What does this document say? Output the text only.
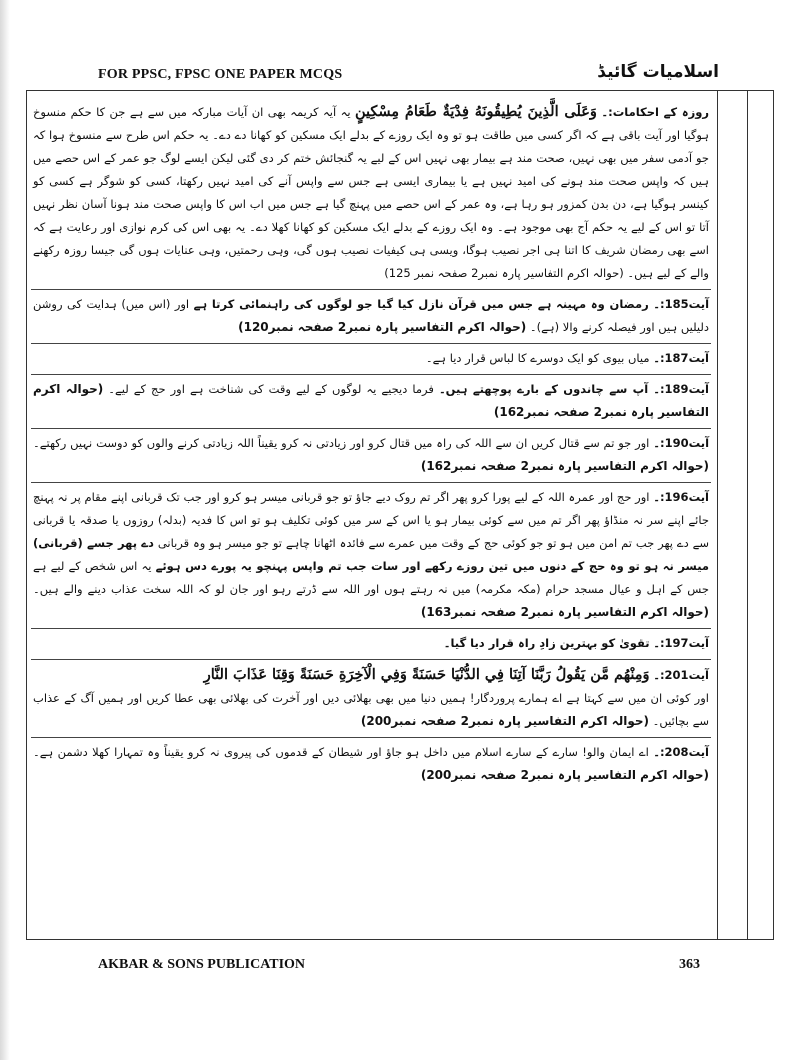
FOR PPSC, FPSC ONE PAPER MCQS	اسلامیات گائیڈ

روزہ کے احکامات:۔ وَعَلَى الَّذِينَ يُطِيقُونَهُ فِدْيَةٌ طَعَامُ مِسْكِينٍ یہ آیہ کریمہ بھی ان آیات مبارکہ میں سے ہے جن کا حکم منسوخ ہوگیا اور آیت باقی ہے کہ اگر کسی میں طاقت ہو تو وہ ایک روزے کے بدلے ایک مسکین کو کھانا دے دے۔ یہ حکم اس طرح سے منسوخ ہوا کہ جو آدمی سفر میں بھی نہیں، صحت مند ہے بیمار بھی نہیں اس کے لیے یہ گنجائش ختم کر دی گئی لیکن ایسے لوگ جو عمر کے اس حصے میں ہیں کہ واپس صحت مند ہونے کی امید نہیں ہے یا بیماری ایسی ہے جس سے واپس آنے کی امید نہیں رکھتا، کسی کو شوگر ہے کسی کو کینسر ہوگیا ہے، دن بدن کمزور ہو رہا ہے، وہ عمر کے اس حصے میں پہنچ گیا ہے جس میں اب اس کا واپس صحت مند ہونا آسان نظر نہیں آتا تو اس کے لیے یہ حکم آج بھی موجود ہے۔ وہ ایک روزے کے بدلے ایک مسکین کو کھانا کھلا دے۔ یہ بھی اس کی کرم نوازی اور رعایت ہے کہ اسے بھی رمضان شریف کا اتنا ہی اجر نصیب ہوگا، ویسی ہی کیفیات نصیب ہوں گی، وہی رحمتیں، وہی عنایات ہوں گی جیسا روزہ رکھنے والے کے لیے ہیں۔ (حوالہ اکرم التفاسیر پارہ نمبر2 صفحہ نمبر 125)

آیت185:۔ رمضان وہ مہینہ ہے جس میں قرآن نازل کیا گیا جو لوگوں کی راہنمائی کرتا ہے اور (اس میں) ہدایت کی روشن دلیلیں ہیں اور فیصلہ کرنے والا (ہے)۔ (حوالہ اکرم التفاسیر پارہ نمبر2 صفحہ نمبر120)

آیت187:۔ میاں بیوی کو ایک دوسرے کا لباس قرار دیا ہے۔

آیت189:۔ آپ سے چاندوں کے بارے پوچھتے ہیں۔ فرما دیجیے یہ لوگوں کے لیے وقت کی شناخت ہے اور حج کے لیے۔ (حوالہ اکرم التفاسیر پارہ نمبر2 صفحہ نمبر162)

آیت190:۔ اور جو تم سے قتال کریں ان سے اللہ کی راہ میں قتال کرو اور زیادتی نہ کرو یقیناً اللہ زیادتی کرنے والوں کو دوست نہیں رکھتے۔ (حوالہ اکرم التفاسیر پارہ نمبر2 صفحہ نمبر162)

آیت196:۔ اور حج اور عمرہ اللہ کے لیے پورا کرو پھر اگر تم روک دیے جاؤ تو جو قربانی میسر ہو کرو اور جب تک قربانی اپنے مقام پر نہ پہنچ جائے اپنے سر نہ منڈاؤ پھر اگر تم میں سے کوئی بیمار ہو یا اس کے سر میں کوئی تکلیف ہو تو اس کا فدیہ (بدلہ) روزوں یا صدقہ یا قربانی سے دے پھر جب تم امن میں ہو تو جو کوئی حج کے وقت میں عمرے سے فائدہ اٹھانا چاہے تو جو میسر ہو وہ قربانی دے پھر جسے (قربانی) میسر نہ ہو تو وہ حج کے دنوں میں تین روزے رکھے اور سات جب تم واپس پہنچو یہ پورے دس ہوئے یہ اس شخص کے لیے ہے جس کے اہل و عیال مسجد حرام (مکہ مکرمہ) میں نہ رہتے ہوں اور اللہ سے ڈرتے رہو اور جان لو کہ اللہ سخت عذاب دینے والے ہیں۔ (حوالہ اکرم التفاسیر پارہ نمبر2 صفحہ نمبر163)

آیت197:۔ تقویٰ کو بہترین زادِ راہ قرار دیا گیا۔

آیت201:۔ وَمِنْهُم مَّن يَقُولُ رَبَّنَا آتِنَا فِي الدُّنْيَا حَسَنَةً وَفِي الْآخِرَةِ حَسَنَةً وَقِنَا عَذَابَ النَّارِ

اور کوئی ان میں سے کہتا ہے اے ہمارے پروردگار! ہمیں دنیا میں بھی بھلائی دیں اور آخرت کی بھلائی بھی عطا کریں اور ہمیں آگ کے عذاب سے بچائیں۔ (حوالہ اکرم التفاسیر پارہ نمبر2 صفحہ نمبر200)

آیت208:۔ اے ایمان والو! سارے کے سارے اسلام میں داخل ہو جاؤ اور شیطان کے قدموں کی پیروی نہ کرو یقیناً وہ تمہارا کھلا دشمن ہے۔ (حوالہ اکرم التفاسیر پارہ نمبر2 صفحہ نمبر200)

AKBAR & SONS PUBLICATION	363
